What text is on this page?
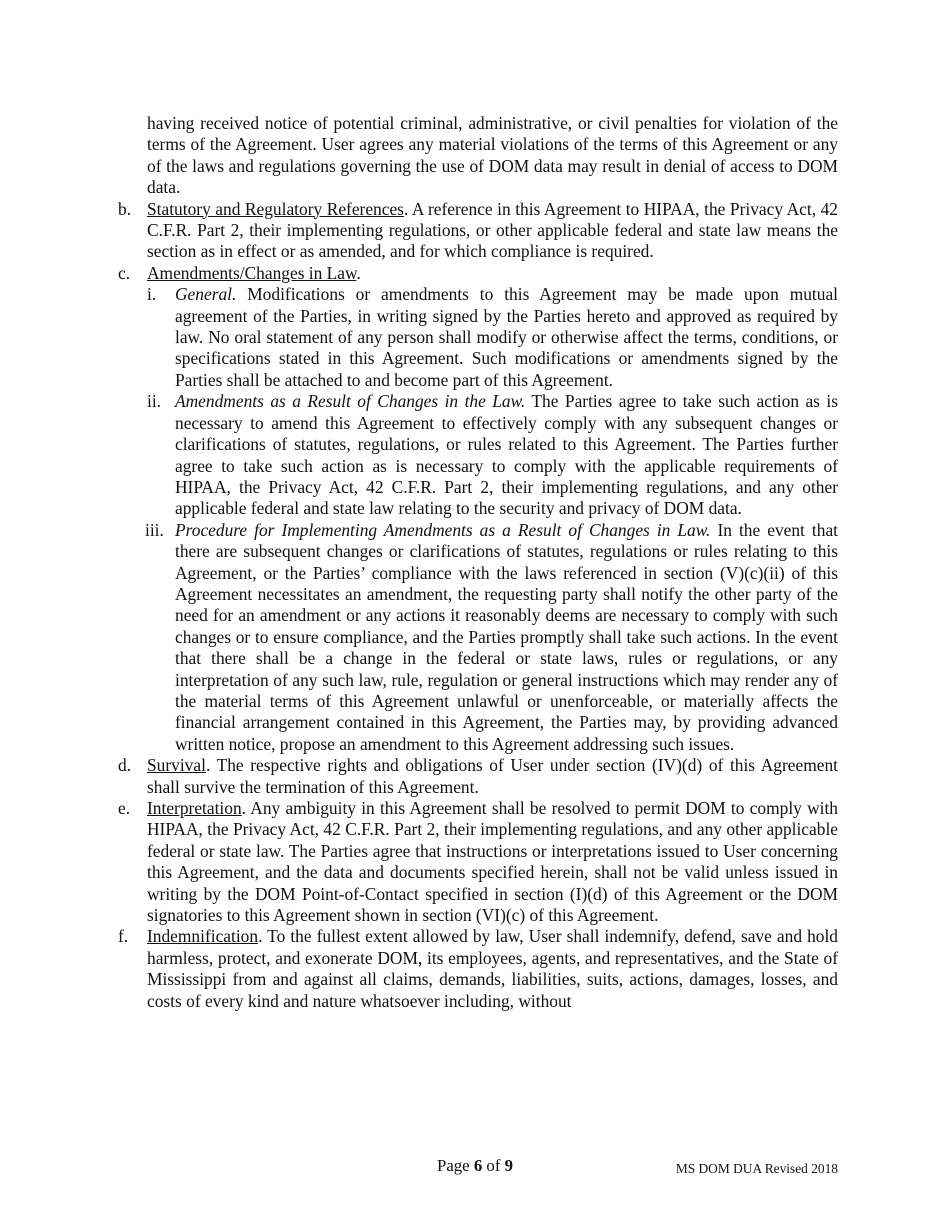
having received notice of potential criminal, administrative, or civil penalties for violation of the terms of the Agreement. User agrees any material violations of the terms of this Agreement or any of the laws and regulations governing the use of DOM data may result in denial of access to DOM data.

b. Statutory and Regulatory References. A reference in this Agreement to HIPAA, the Privacy Act, 42 C.F.R. Part 2, their implementing regulations, or other applicable federal and state law means the section as in effect or as amended, and for which compliance is required.
c. Amendments/Changes in Law.
i. General. Modifications or amendments to this Agreement may be made upon mutual agreement of the Parties, in writing signed by the Parties hereto and approved as required by law. No oral statement of any person shall modify or otherwise affect the terms, conditions, or specifications stated in this Agreement. Such modifications or amendments signed by the Parties shall be attached to and become part of this Agreement.
ii. Amendments as a Result of Changes in the Law. The Parties agree to take such action as is necessary to amend this Agreement to effectively comply with any subsequent changes or clarifications of statutes, regulations, or rules related to this Agreement. The Parties further agree to take such action as is necessary to comply with the applicable requirements of HIPAA, the Privacy Act, 42 C.F.R. Part 2, their implementing regulations, and any other applicable federal and state law relating to the security and privacy of DOM data.
iii. Procedure for Implementing Amendments as a Result of Changes in Law. In the event that there are subsequent changes or clarifications of statutes, regulations or rules relating to this Agreement, or the Parties’ compliance with the laws referenced in section (V)(c)(ii) of this Agreement necessitates an amendment, the requesting party shall notify the other party of the need for an amendment or any actions it reasonably deems are necessary to comply with such changes or to ensure compliance, and the Parties promptly shall take such actions. In the event that there shall be a change in the federal or state laws, rules or regulations, or any interpretation of any such law, rule, regulation or general instructions which may render any of the material terms of this Agreement unlawful or unenforceable, or materially affects the financial arrangement contained in this Agreement, the Parties may, by providing advanced written notice, propose an amendment to this Agreement addressing such issues.
d. Survival. The respective rights and obligations of User under section (IV)(d) of this Agreement shall survive the termination of this Agreement.
e. Interpretation. Any ambiguity in this Agreement shall be resolved to permit DOM to comply with HIPAA, the Privacy Act, 42 C.F.R. Part 2, their implementing regulations, and any other applicable federal or state law. The Parties agree that instructions or interpretations issued to User concerning this Agreement, and the data and documents specified herein, shall not be valid unless issued in writing by the DOM Point-of-Contact specified in section (I)(d) of this Agreement or the DOM signatories to this Agreement shown in section (VI)(c) of this Agreement.
f. Indemnification. To the fullest extent allowed by law, User shall indemnify, defend, save and hold harmless, protect, and exonerate DOM, its employees, agents, and representatives, and the State of Mississippi from and against all claims, demands, liabilities, suits, actions, damages, losses, and costs of every kind and nature whatsoever including, without
Page 6 of 9	MS DOM DUA Revised 2018
